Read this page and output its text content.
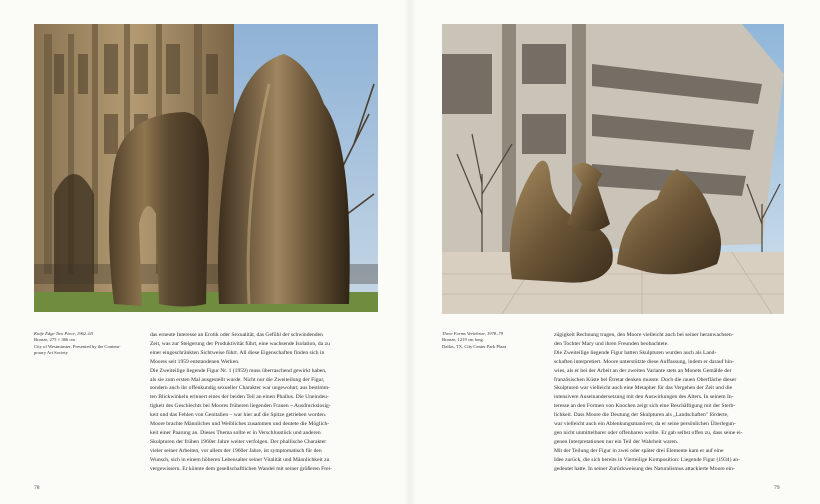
Knife Edge Two Piece, 1962–65
Bronze, 275 × 366 cm
City of Westminster, Presented by the Contem-
porary Art Society

das erneute Interesse an Erotik oder Sexualität, das Gefühl der schwindenden

Zeit, was zur Steigerung der Produktivität führt, eine wachsende Isolation, da zu

einer eingeschränkten Sichtweise führt. All diese Eigenschaften finden sich in

Moores seit 1959 entstandenen Werken.

Die Zweiteilige liegende Figur Nr. 1 (1959) muss überraschend gewirkt haben,

als sie zum ersten Mal ausgestellt wurde. Nicht nur die Zweiteilung der Figur,

sondern auch ihr offenkundig sexueller Charakter war ungewohnt; aus bestimm-

ten Blickwinkeln erinnert eines der beiden Teil an einen Phallus. Die Uneindeu-

tigkeit des Geschlechts bei Moores früheren liegenden Frauen – Ausdruckslosig-

keit und das Fehlen von Genitalien – war hier auf die Spitze getrieben worden.

Moore brachte Männliches und Weibliches zusammen und deutete die Möglich-

keit einer Paarung an. Dieses Thema sollte er in Verschlusstück und anderen

Skulpturen der frühen 1960er Jahre weiter verfolgen. Der phallische Charakter

vieler seiner Arbeiten, vor allem der 1960er Jahre, ist symptomatisch für den

Wunsch, sich in einem höheren Lebensalter seiner Vitalität und Männlichkeit zu

vergewissern. Er könnte dem gesellschaftlichen Wandel mit seiner größeren Frei-

Three Forms Vertebrae, 1978–79
Bronze, 1219 cm long
Dallas, TX, City Center Park Plaza

zügigkeit Rechnung tragen, den Moore vielleicht auch bei seiner heranwachsen-

den Tochter Mary und ihren Freunden beobachtete.

Die Zweiteilige liegende Figur hatten Skulpturen wurden auch als Land-

schaften interpretiert. Moore unterstützte diese Auffassung, indem er darauf hin-

wies, als er bei der Arbeit an der zweiten Variante stets an Monets Gemälde der

französischen Küste bei Étretat denken musste. Doch die rauen Oberfläche dieser

Skulpturen war vielleicht auch eine Metapher für das Vergehen der Zeit und die

intensivere Auseinandersetzung mit den Auswirkungen des Alters. In seinem In-

teresse an den Formen von Knochen zeigt sich eine Beschäftigung mit der Sterb-

lichkeit. Dass Moore die Deutung der Skulpturen als „Landschaften" förderte,

war vielleicht auch ein Ablenkungsmanöver, da er seine persönlichen Überlegun-

gen nicht unmittelbarer oder offenbaren wollte. Er gab selbst offen zu, dass seine ei-

genen Interpretationen nur ein Teil der Wahrheit waren.

Mit der Teilung der Figur in zwei oder später drei Elemente kam er auf eine

Idee zurück, die sich bereits in Vierteilige Komposition: Liegende Figur (1934) an-

gedeutet hatte. In seiner Zurückweisung des Naturalismus attackierte Moore ein-

78	79
